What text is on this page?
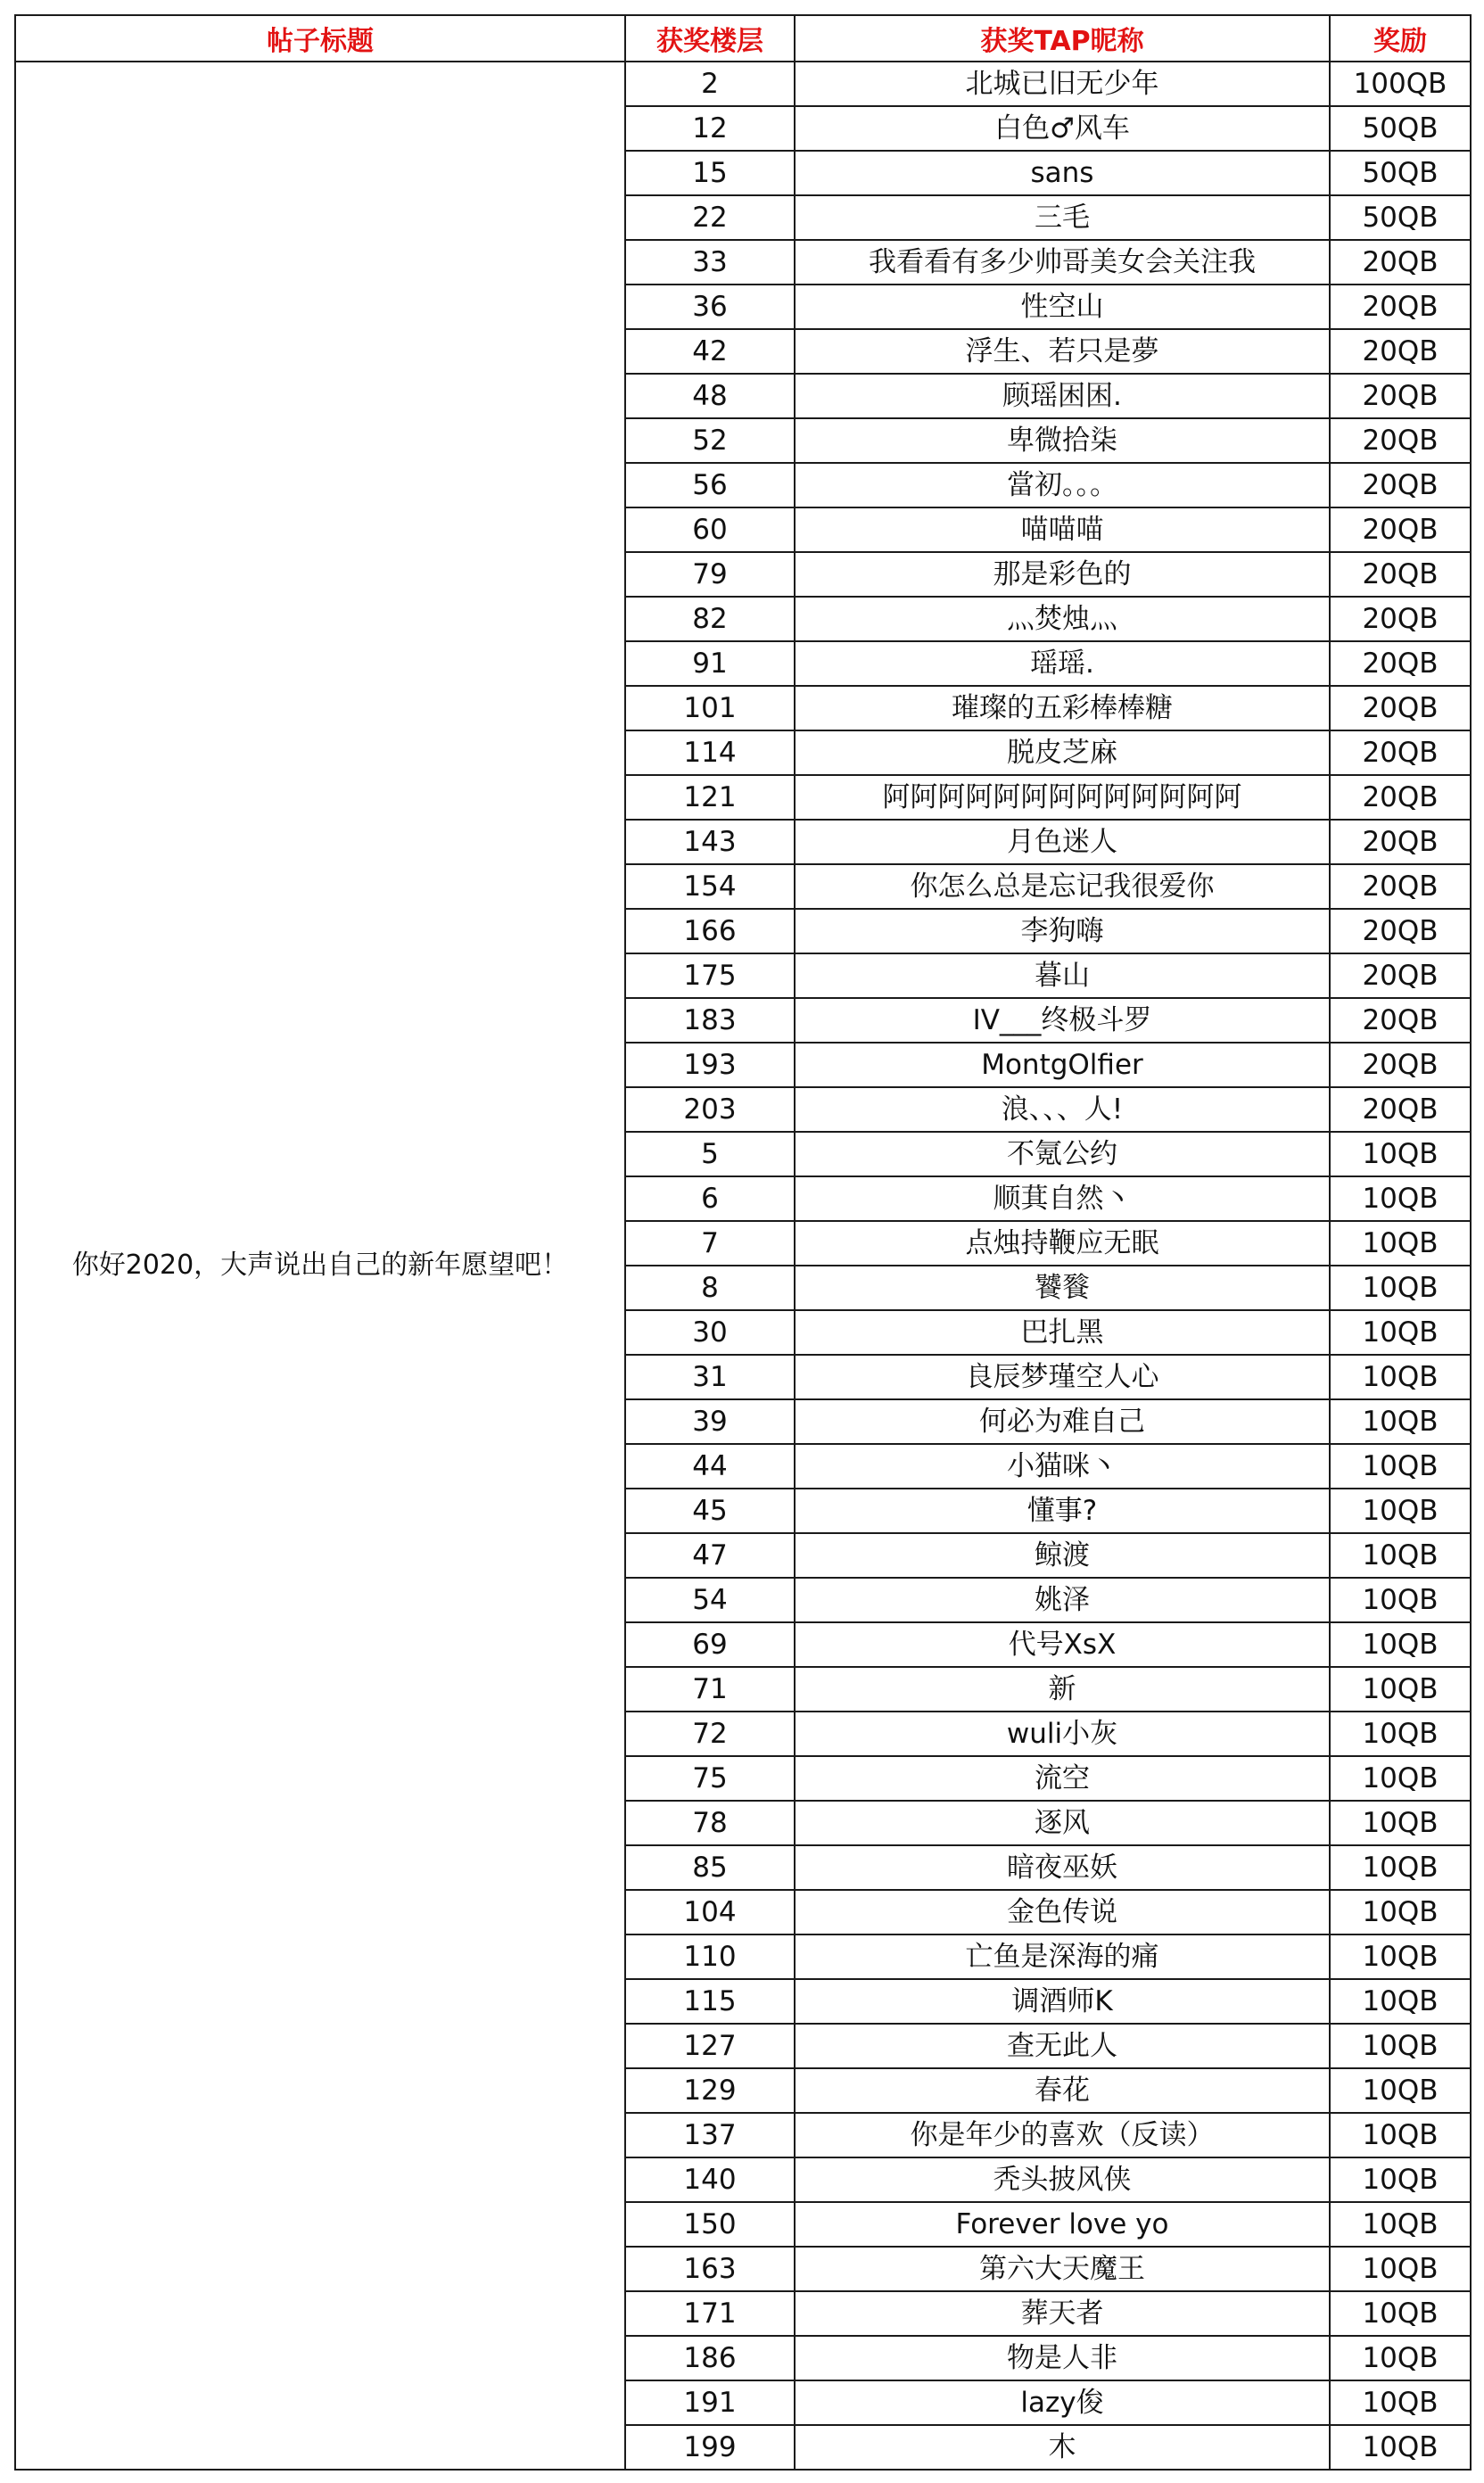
帖子标题	获奖楼层	获奖TAP昵称	奖励
你好2020，大声说出自己的新年愿望吧！	2	北城已旧无少年	100QB
	12	白色♂风车	50QB
	15	sans	50QB
	22	三毛	50QB
	33	我看看有多少帅哥美女会关注我	20QB
	36	性空山	20QB
	42	浮生、若只是夢	20QB
	48	顾瑶困困.	20QB
	52	卑微拾柒	20QB
	56	當初。。。	20QB
	60	喵喵喵	20QB
	79	那是彩色的	20QB
	82	灬焚烛灬	20QB
	91	瑶瑶.	20QB
	101	璀璨的五彩棒棒糖	20QB
	114	脱皮芝麻	20QB
	121	阿阿阿阿阿阿阿阿阿阿阿阿阿	20QB
	143	月色迷人	20QB
	154	你怎么总是忘记我很爱你	20QB
	166	李狗嗨	20QB
	175	暮山	20QB
	183	IV___终极斗罗	20QB
	193	MontgOlfier	20QB
	203	浪、、、人!	20QB
	5	不氪公约	10QB
	6	顺萁自然丶	10QB
	7	点烛持鞭应无眠	10QB
	8	饕餮	10QB
	30	巴扎黑	10QB
	31	良辰梦瑾空人心	10QB
	39	何必为难自己	10QB
	44	小猫咪丶	10QB
	45	懂事?	10QB
	47	鲸渡	10QB
	54	姚泽	10QB
	69	代号XsX	10QB
	71	新	10QB
	72	wuli小灰	10QB
	75	流空	10QB
	78	逐风	10QB
	85	暗夜巫妖	10QB
	104	金色传说	10QB
	110	亡鱼是深海的痛	10QB
	115	调酒师K	10QB
	127	查无此人	10QB
	129	春花	10QB
	137	你是年少的喜欢（反读）	10QB
	140	秃头披风侠	10QB
	150	Forever love yo	10QB
	163	第六大天魔王	10QB
	171	葬天者	10QB
	186	物是人非	10QB
	191	lazy俊	10QB
	199	木	10QB
